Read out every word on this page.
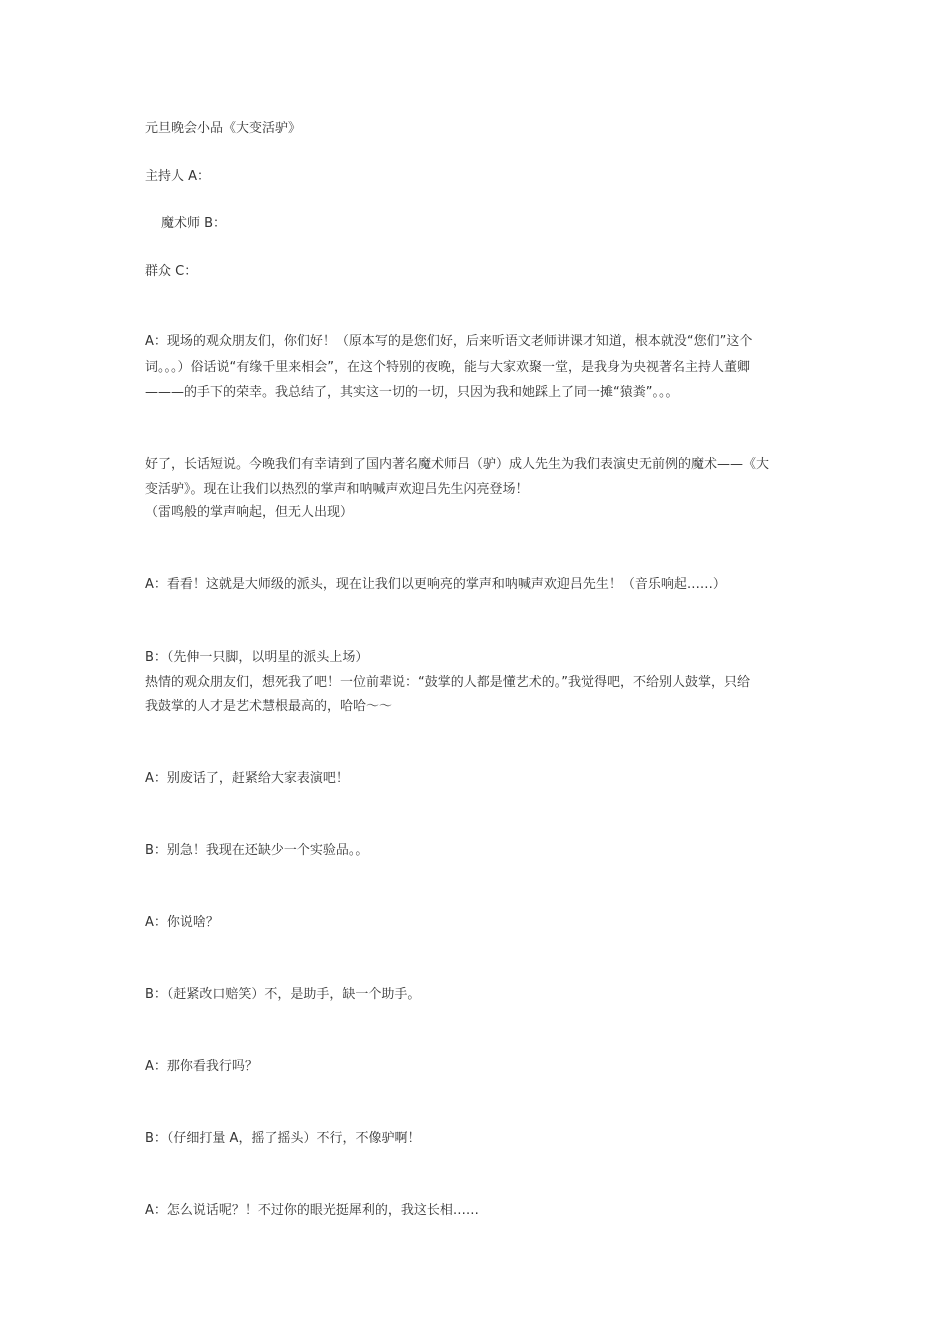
元旦晚会小品《大变活驴》

主持人 A：

魔术师 B：

群众 C：

A：现场的观众朋友们，你们好！（原本写的是您们好，后来听语文老师讲课才知道，根本就没“您们”这个

词。。。）俗话说“有缘千里来相会”，在这个特别的夜晚，能与大家欢聚一堂，是我身为央视著名主持人董卿

———的手下的荣幸。我总结了，其实这一切的一切，只因为我和她踩上了同一摊“猿粪”。。。

好了，长话短说。今晚我们有幸请到了国内著名魔术师吕（驴）成人先生为我们表演史无前例的魔术——《大

变活驴》。现在让我们以热烈的掌声和呐喊声欢迎吕先生闪亮登场！

（雷鸣般的掌声响起，但无人出现）

A：看看！这就是大师级的派头，现在让我们以更响亮的掌声和呐喊声欢迎吕先生！（音乐响起……）

B：（先伸一只脚，以明星的派头上场）

热情的观众朋友们，想死我了吧！一位前辈说：“鼓掌的人都是懂艺术的。”我觉得吧，不给别人鼓掌，只给

我鼓掌的人才是艺术慧根最高的，哈哈～～

A：别废话了，赶紧给大家表演吧！

B：别急！我现在还缺少一个实验品。。

A：你说啥？

B：（赶紧改口赔笑）不，是助手，缺一个助手。

A：那你看我行吗？

B：（仔细打量 A，摇了摇头）不行，不像驴啊！

A：怎么说话呢？！不过你的眼光挺犀利的，我这长相……
